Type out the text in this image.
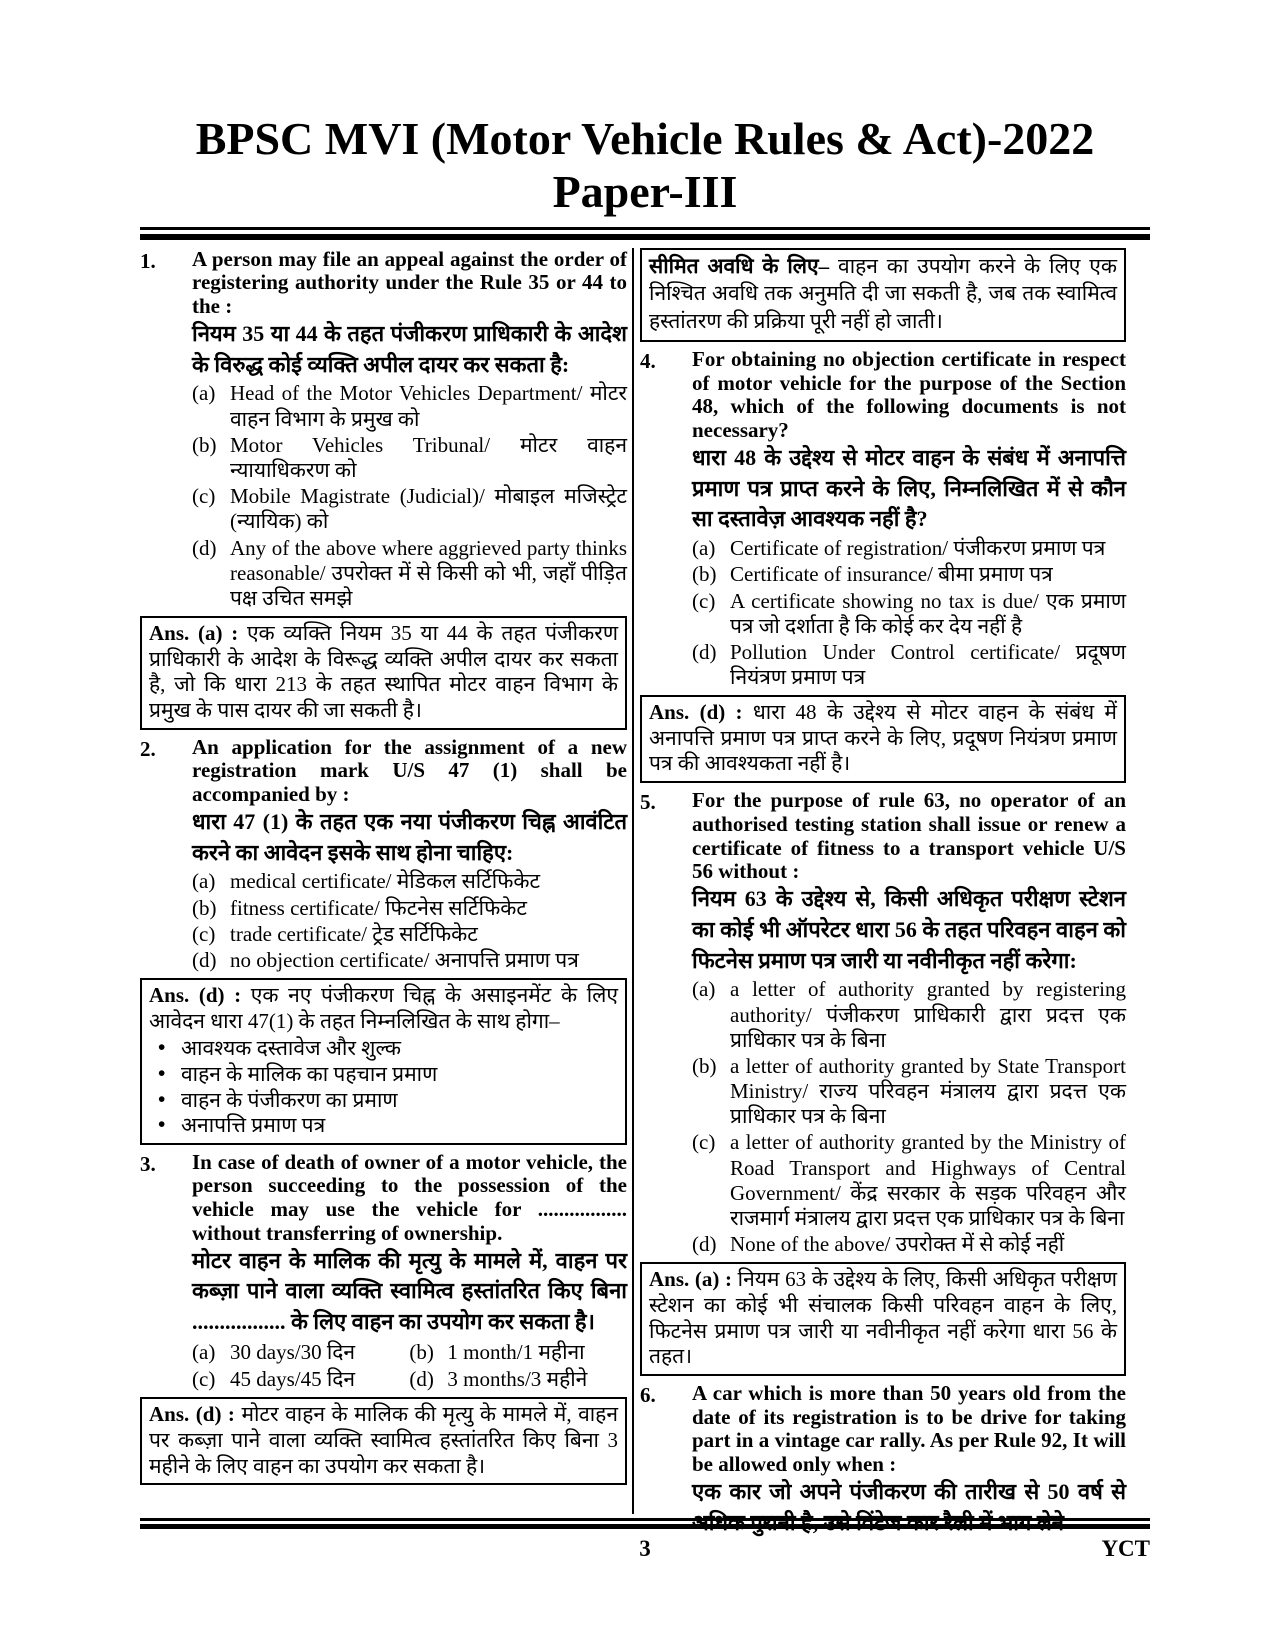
BPSC MVI (Motor Vehicle Rules & Act)-2022
Paper-III
1.	A person may file an appeal against the order of registering authority under the Rule 35 or 44 to the :

नियम 35 या 44 के तहत पंजीकरण प्राधिकारी के आदेश के विरुद्ध कोई व्यक्ति अपील दायर कर सकता है:

(a) Head of the Motor Vehicles Department/ मोटर वाहन विभाग के प्रमुख को
(b) Motor Vehicles Tribunal/ मोटर वाहन न्यायाधिकरण को
(c) Mobile Magistrate (Judicial)/ मोबाइल मजिस्ट्रेट (न्यायिक) को
(d) Any of the above where aggrieved party thinks reasonable/ उपरोक्त में से किसी को भी, जहाँ पीड़ित पक्ष उचित समझे

Ans. (a) : एक व्यक्ति नियम 35 या 44 के तहत पंजीकरण प्राधिकारी के आदेश के विरूद्ध व्यक्ति अपील दायर कर सकता है, जो कि धारा 213 के तहत स्थापित मोटर वाहन विभाग के प्रमुख के पास दायर की जा सकती है।

2.	An application for the assignment of a new registration mark U/S 47 (1) shall be accompanied by :

धारा 47 (1) के तहत एक नया पंजीकरण चिह्न आवंटित करने का आवेदन इसके साथ होना चाहिए:

(a) medical certificate/ मेडिकल सर्टिफिकेट
(b) fitness certificate/ फिटनेस सर्टिफिकेट
(c) trade certificate/ ट्रेड सर्टिफिकेट
(d) no objection certificate/ अनापत्ति प्रमाण पत्र

Ans. (d) : एक नए पंजीकरण चिह्न के असाइनमेंट के लिए आवेदन धारा 47(1) के तहत निम्नलिखित के साथ होगा–

• आवश्यक दस्तावेज और शुल्क
• वाहन के मालिक का पहचान प्रमाण
• वाहन के पंजीकरण का प्रमाण
• अनापत्ति प्रमाण पत्र
3.	In case of death of owner of a motor vehicle, the person succeeding to the possession of the vehicle may use the vehicle for ................. without transferring of ownership.

मोटर वाहन के मालिक की मृत्यु के मामले में, वाहन पर कब्ज़ा पाने वाला व्यक्ति स्वामित्व हस्तांतरित किए बिना ................. के लिए वाहन का उपयोग कर सकता है।

(a) 30 days/30 दिन	(b) 1 month/1 महीना
(c) 45 days/45 दिन	(d) 3 months/3 महीने

Ans. (d) : मोटर वाहन के मालिक की मृत्यु के मामले में, वाहन पर कब्ज़ा पाने वाला व्यक्ति स्वामित्व हस्तांतरित किए बिना 3 महीने के लिए वाहन का उपयोग कर सकता है।

सीमित अवधि के लिए– वाहन का उपयोग करने के लिए एक निश्चित अवधि तक अनुमति दी जा सकती है, जब तक स्वामित्व हस्तांतरण की प्रक्रिया पूरी नहीं हो जाती।

4.	For obtaining no objection certificate in respect of motor vehicle for the purpose of the Section 48, which of the following documents is not necessary?

धारा 48 के उद्देश्य से मोटर वाहन के संबंध में अनापत्ति प्रमाण पत्र प्राप्त करने के लिए, निम्नलिखित में से कौन सा दस्तावेज़ आवश्यक नहीं है?

(a) Certificate of registration/ पंजीकरण प्रमाण पत्र
(b) Certificate of insurance/ बीमा प्रमाण पत्र
(c) A certificate showing no tax is due/ एक प्रमाण पत्र जो दर्शाता है कि कोई कर देय नहीं है
(d) Pollution Under Control certificate/ प्रदूषण नियंत्रण प्रमाण पत्र

Ans. (d) : धारा 48 के उद्देश्य से मोटर वाहन के संबंध में अनापत्ति प्रमाण पत्र प्राप्त करने के लिए, प्रदूषण नियंत्रण प्रमाण पत्र की आवश्यकता नहीं है।

5.	For the purpose of rule 63, no operator of an authorised testing station shall issue or renew a certificate of fitness to a transport vehicle U/S 56 without :

नियम 63 के उद्देश्य से, किसी अधिकृत परीक्षण स्टेशन का कोई भी ऑपरेटर धारा 56 के तहत परिवहन वाहन को फिटनेस प्रमाण पत्र जारी या नवीनीकृत नहीं करेगा:

(a) a letter of authority granted by registering authority/ पंजीकरण प्राधिकारी द्वारा प्रदत्त एक प्राधिकार पत्र के बिना
(b) a letter of authority granted by State Transport Ministry/ राज्य परिवहन मंत्रालय द्वारा प्रदत्त एक प्राधिकार पत्र के बिना
(c) a letter of authority granted by the Ministry of Road Transport and Highways of Central Government/ केंद्र सरकार के सड़क परिवहन और राजमार्ग मंत्रालय द्वारा प्रदत्त एक प्राधिकार पत्र के बिना
(d) None of the above/ उपरोक्त में से कोई नहीं

Ans. (a) : नियम 63 के उद्देश्य के लिए, किसी अधिकृत परीक्षण स्टेशन का कोई भी संचालक किसी परिवहन वाहन के लिए, फिटनेस प्रमाण पत्र जारी या नवीनीकृत नहीं करेगा धारा 56 के तहत।

6.	A car which is more than 50 years old from the date of its registration is to be drive for taking part in a vintage car rally. As per Rule 92, It will be allowed only when :

एक कार जो अपने पंजीकरण की तारीख से 50 वर्ष से अधिक पुरानी है, उसे विंटेज कार रैली में भाग लेने

3	YCT
